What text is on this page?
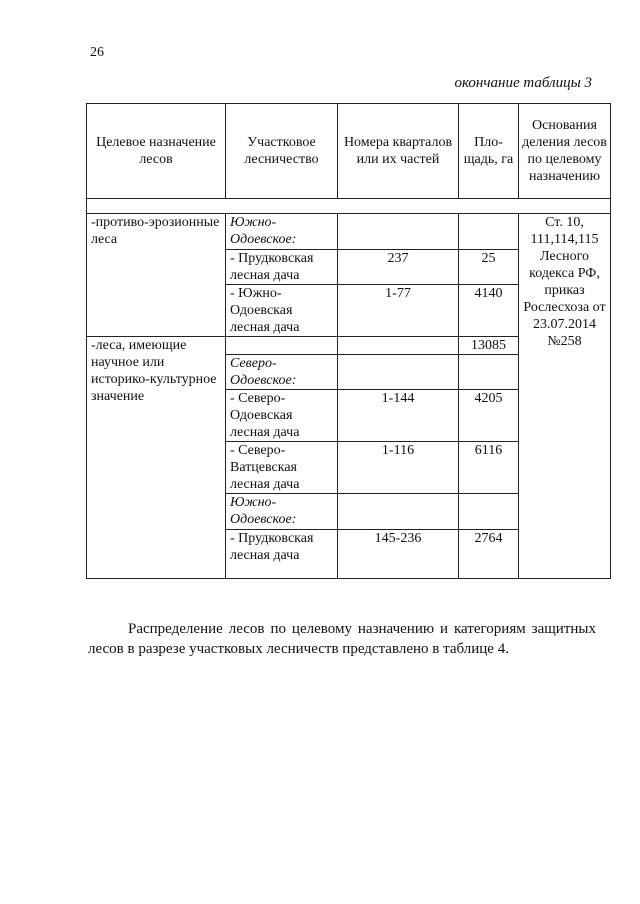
26
окончание таблицы 3
Целевое назначение лесов	Участковое лесничество	Номера кварталов или их частей	Пло-щадь, га	Основания деления лесов по целевому назначению

-противо-эрозионные леса	Южно-Одоевское:			Ст. 10, 111,114,115 Лесного кодекса РФ, приказ Рослесхоза от 23.07.2014 №258
	- Прудковская лесная дача	237	25	
	- Южно-Одоевская лесная дача	1-77	4140	
-леса, имеющие научное или историко-культурное значение			13085	
	Северо-Одоевское:			
	- Северо-Одоевская лесная дача	1-144	4205	
	- Северо-Ватцевская лесная дача	1-116	6116	
	Южно-Одоевское:			
	- Прудковская лесная дача	145-236	2764	

Распределение лесов по целевому назначению и категориям защитных лесов в разрезе участковых лесничеств представлено в таблице 4.
